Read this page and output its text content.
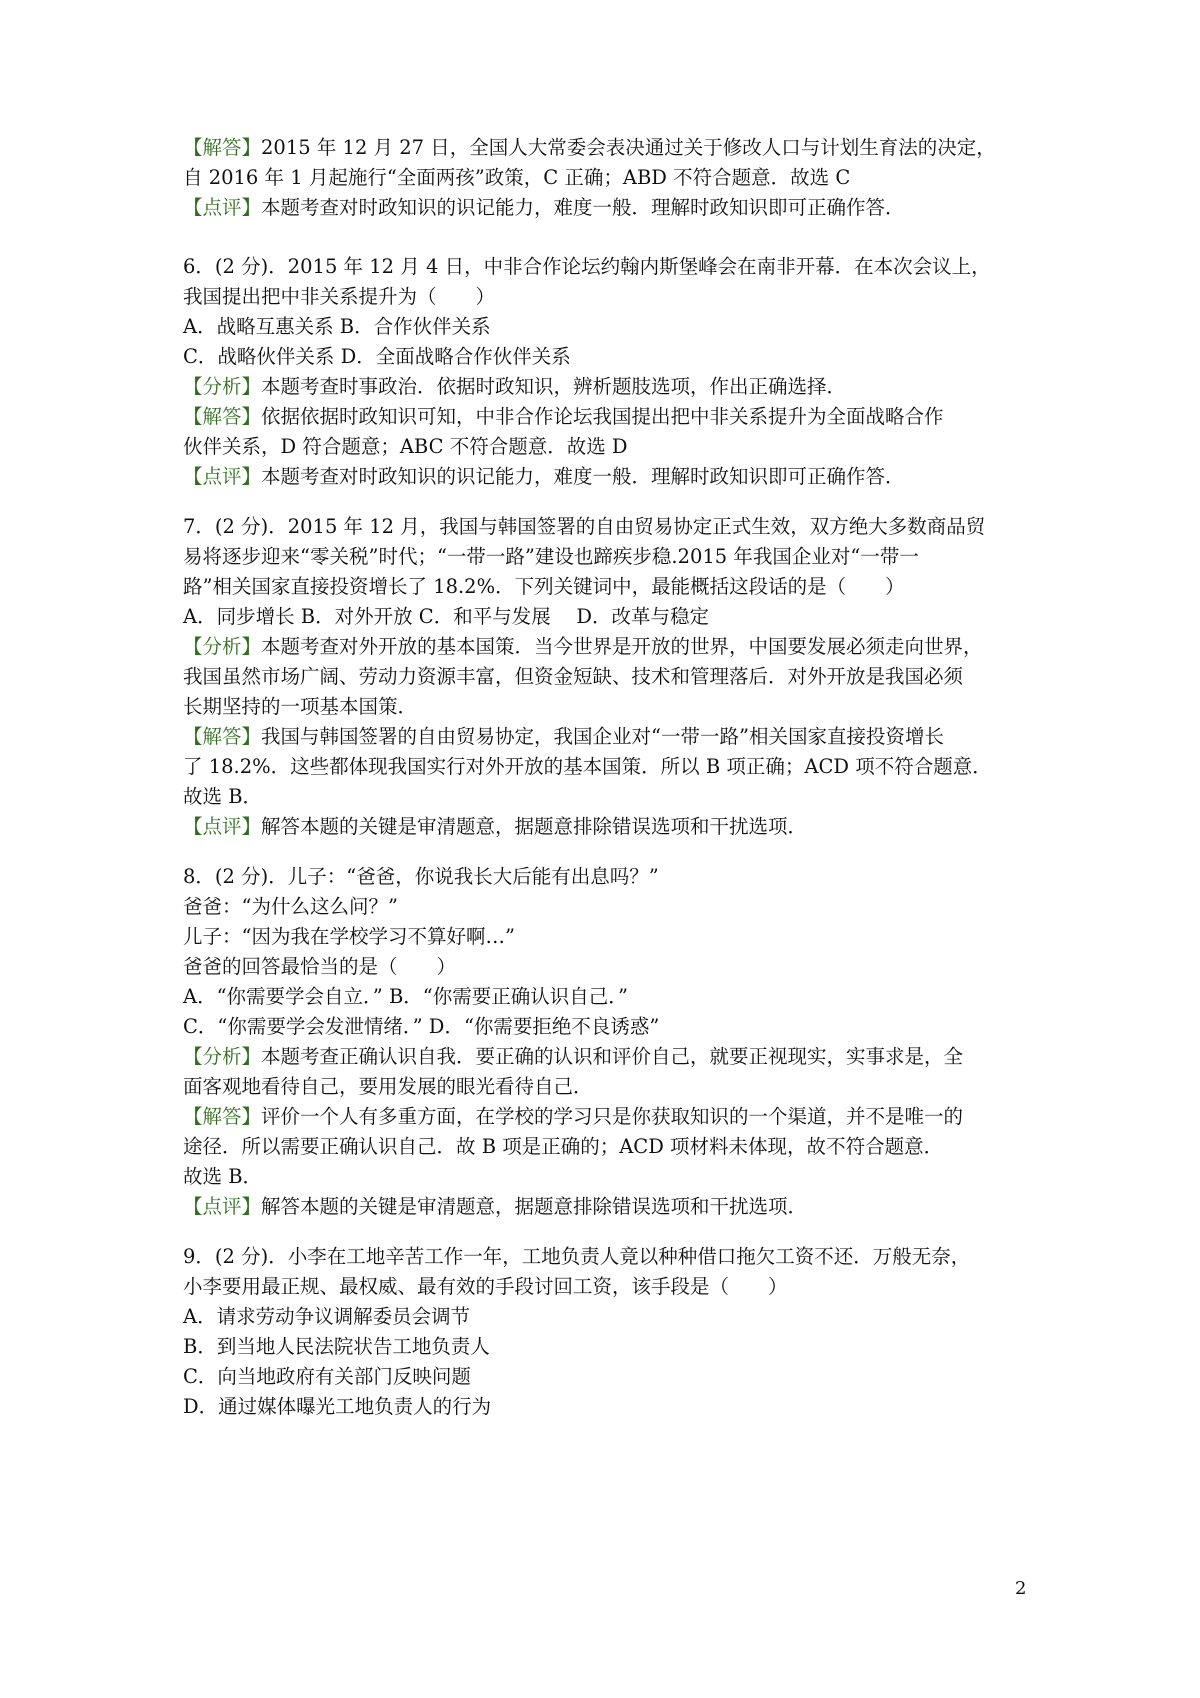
【解答】2015 年 12 月 27 日，全国人大常委会表决通过关于修改人口与计划生育法的决定，
自 2016 年 1 月起施行“全面两孩”政策，C 正确；ABD 不符合题意．故选 C
【点评】本题考查对时政知识的识记能力，难度一般．理解时政知识即可正确作答．
6．(2 分)．2015 年 12 月 4 日，中非合作论坛约翰内斯堡峰会在南非开幕．在本次会议上，
我国提出把中非关系提升为（　　）
A．战略互惠关系 B．合作伙伴关系
C．战略伙伴关系 D．全面战略合作伙伴关系
【分析】本题考查时事政治．依据时政知识，辨析题肢选项，作出正确选择．
【解答】依据依据时政知识可知，中非合作论坛我国提出把中非关系提升为全面战略合作
伙伴关系，D 符合题意；ABC 不符合题意．故选 D
【点评】本题考查对时政知识的识记能力，难度一般．理解时政知识即可正确作答．
7．(2 分)．2015 年 12 月，我国与韩国签署的自由贸易协定正式生效，双方绝大多数商品贸
易将逐步迎来“零关税”时代；“一带一路”建设也蹄疾步稳.2015 年我国企业对“一带一
路”相关国家直接投资增长了 18.2%．下列关键词中，最能概括这段话的是（　　）
A．同步增长 B．对外开放 C．和平与发展　 D．改革与稳定
【分析】本题考查对外开放的基本国策．当今世界是开放的世界，中国要发展必须走向世界，
我国虽然市场广阔、劳动力资源丰富，但资金短缺、技术和管理落后．对外开放是我国必须
长期坚持的一项基本国策．
【解答】我国与韩国签署的自由贸易协定，我国企业对“一带一路”相关国家直接投资增长
了 18.2%．这些都体现我国实行对外开放的基本国策．所以 B 项正确；ACD 项不符合题意．
故选 B．
【点评】解答本题的关键是审清题意，据题意排除错误选项和干扰选项．
8．(2 分)．儿子：“爸爸，你说我长大后能有出息吗？”
爸爸：“为什么这么问？”
儿子：“因为我在学校学习不算好啊…”
爸爸的回答最恰当的是（　　）
A．“你需要学会自立．” B．“你需要正确认识自己．”
C．“你需要学会发泄情绪．” D．“你需要拒绝不良诱惑”
【分析】本题考查正确认识自我．要正确的认识和评价自己，就要正视现实，实事求是，全
面客观地看待自己，要用发展的眼光看待自己．
【解答】评价一个人有多重方面，在学校的学习只是你获取知识的一个渠道，并不是唯一的
途径．所以需要正确认识自己．故 B 项是正确的；ACD 项材料未体现，故不符合题意．
故选 B．
【点评】解答本题的关键是审清题意，据题意排除错误选项和干扰选项．
9．(2 分)．小李在工地辛苦工作一年，工地负责人竟以种种借口拖欠工资不还．万般无奈，
小李要用最正规、最权威、最有效的手段讨回工资，该手段是（　　）
A．请求劳动争议调解委员会调节
B．到当地人民法院状告工地负责人
C．向当地政府有关部门反映问题
D．通过媒体曝光工地负责人的行为
2
